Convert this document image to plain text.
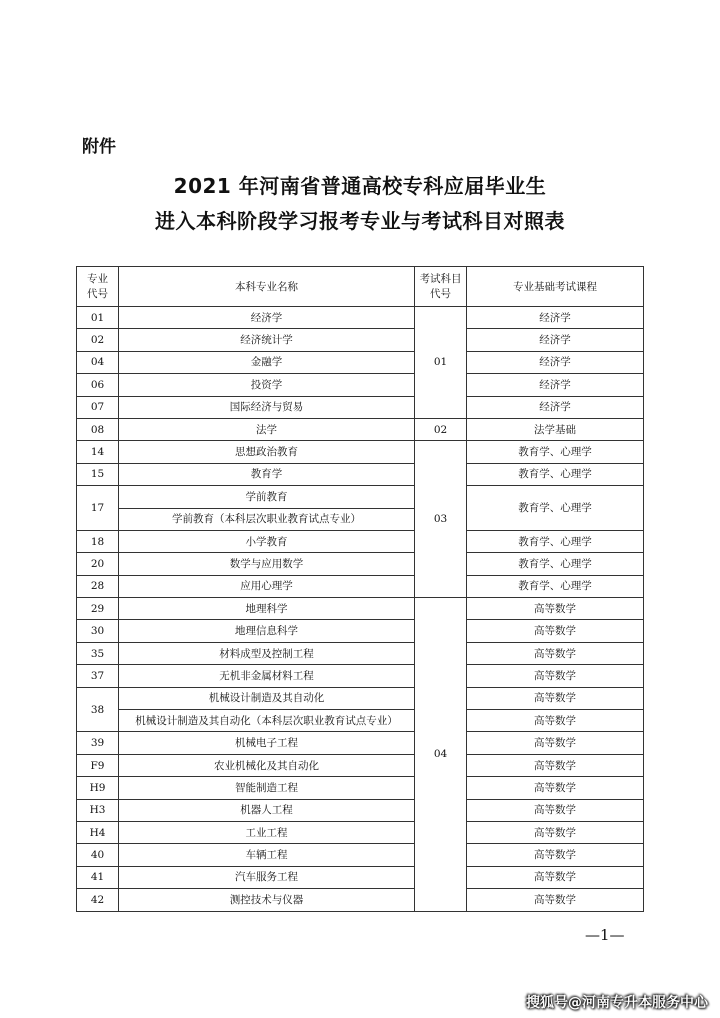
附件
2021 年河南省普通高校专科应届毕业生
进入本科阶段学习报考专业与考试科目对照表
专业代号	本科专业名称	考试科目代号	专业基础考试课程
01	经济学	01	经济学
02	经济统计学		经济学
04	金融学		经济学
06	投资学		经济学
07	国际经济与贸易		经济学
08	法学	02	法学基础
14	思想政治教育	03	教育学、心理学
15	教育学		教育学、心理学
17	学前教育		教育学、心理学
	学前教育（本科层次职业教育试点专业）		
18	小学教育		教育学、心理学
20	数学与应用数学		教育学、心理学
28	应用心理学		教育学、心理学
29	地理科学	04	高等数学
30	地理信息科学		高等数学
35	材料成型及控制工程		高等数学
37	无机非金属材料工程		高等数学
38	机械设计制造及其自动化		高等数学
	机械设计制造及其自动化（本科层次职业教育试点专业）		高等数学
39	机械电子工程		高等数学
F9	农业机械化及其自动化		高等数学
H9	智能制造工程		高等数学
H3	机器人工程		高等数学
H4	工业工程		高等数学
40	车辆工程		高等数学
41	汽车服务工程		高等数学
42	测控技术与仪器		高等数学
—1—
搜狐号@河南专升本服务中心
